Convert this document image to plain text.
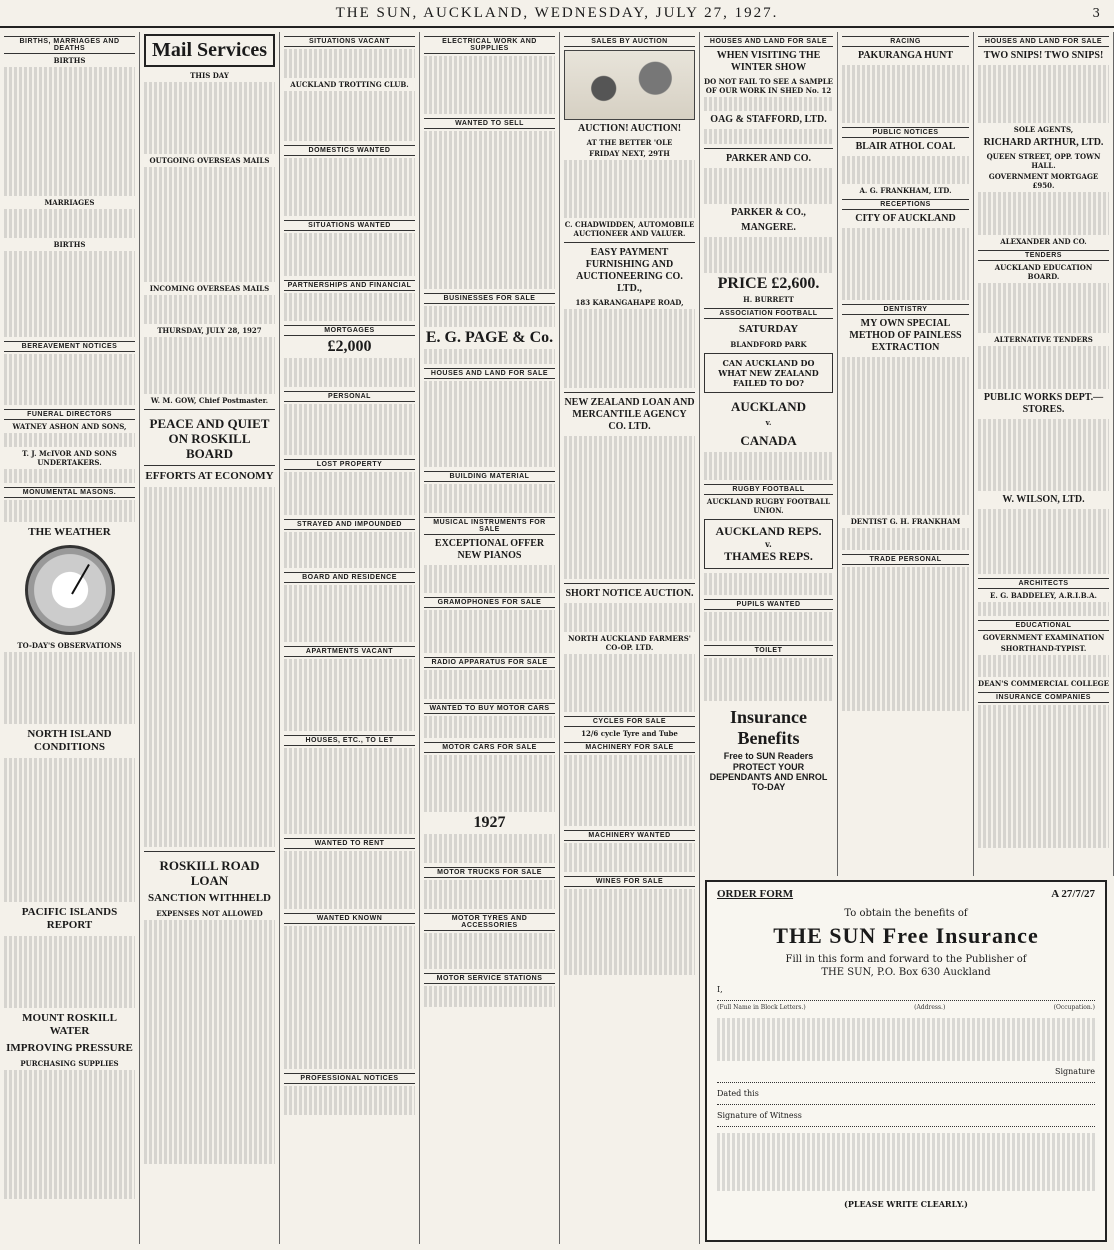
THE SUN, AUCKLAND, WEDNESDAY, JULY 27, 1927.	3
BIRTHS, MARRIAGES AND DEATHS
BIRTHS
MARRIAGES
BIRTHS
BEREAVEMENT NOTICES
FUNERAL DIRECTORS
WATNEY ASHON AND SONS,
T. J. McIVOR AND SONS UNDERTAKERS.
MONUMENTAL MASONS.
THE WEATHER
TO-DAY'S OBSERVATIONS
NORTH ISLAND CONDITIONS
PACIFIC ISLANDS REPORT
MOUNT ROSKILL WATER
IMPROVING PRESSURE
PURCHASING SUPPLIES
Mail Services
THIS DAY
OUTGOING OVERSEAS MAILS
INCOMING OVERSEAS MAILS
THURSDAY, JULY 28, 1927
W. M. GOW, Chief Postmaster.
PEACE AND QUIET ON ROSKILL BOARD
EFFORTS AT ECONOMY
ROSKILL ROAD LOAN
SANCTION WITHHELD
EXPENSES NOT ALLOWED
SITUATIONS VACANT
AUCKLAND TROTTING CLUB.
DOMESTICS WANTED
SITUATIONS WANTED
PARTNERSHIPS AND FINANCIAL
MORTGAGES
£2,000
PERSONAL
LOST PROPERTY
STRAYED AND IMPOUNDED
BOARD AND RESIDENCE
APARTMENTS VACANT
HOUSES, ETC., TO LET
WANTED TO RENT
WANTED KNOWN
PROFESSIONAL NOTICES
ELECTRICAL WORK AND SUPPLIES
WANTED TO SELL
BUSINESSES FOR SALE
E. G. PAGE & Co.
HOUSES AND LAND FOR SALE
BUILDING MATERIAL
MUSICAL INSTRUMENTS FOR SALE
EXCEPTIONAL OFFER NEW PIANOS
GRAMOPHONES FOR SALE
RADIO APPARATUS FOR SALE
WANTED TO BUY MOTOR CARS
MOTOR CARS FOR SALE
1927
MOTOR TRUCKS FOR SALE
MOTOR TYRES AND ACCESSORIES
MOTOR SERVICE STATIONS
SALES BY AUCTION
AUCTION! AUCTION!
AT THE BETTER 'OLE
FRIDAY NEXT, 29TH
C. CHADWIDDEN, AUTOMOBILE AUCTIONEER AND VALUER.
EASY PAYMENT FURNISHING AND AUCTIONEERING CO. LTD.,
183 KARANGAHAPE ROAD,
NEW ZEALAND LOAN AND MERCANTILE AGENCY CO. LTD.
SHORT NOTICE AUCTION.
NORTH AUCKLAND FARMERS' CO-OP. LTD.
CYCLES FOR SALE
12/6 cycle Tyre and Tube
MACHINERY FOR SALE
MACHINERY WANTED
WINES FOR SALE
HOUSES AND LAND FOR SALE
WHEN VISITING THE WINTER SHOW
DO NOT FAIL TO SEE A SAMPLE OF OUR WORK IN SHED No. 12
OAG & STAFFORD, LTD.
PARKER AND CO.
PARKER & CO.,
MANGERE.
PRICE £2,600.
H. BURRETT
ASSOCIATION FOOTBALL
SATURDAY
BLANDFORD PARK
CAN AUCKLAND DO WHAT NEW ZEALAND FAILED TO DO?
AUCKLAND
v.
CANADA
RUGBY FOOTBALL
AUCKLAND RUGBY FOOTBALL UNION.
AUCKLAND REPS.
v.
THAMES REPS.
PUPILS WANTED
TOILET
Insurance Benefits
Free to SUN Readers
PROTECT YOUR DEPENDANTS AND ENROL TO-DAY
RACING
PAKURANGA HUNT
PUBLIC NOTICES
BLAIR ATHOL COAL
A. G. FRANKHAM, LTD.
RECEPTIONS
CITY OF AUCKLAND
DENTISTRY
MY OWN SPECIAL METHOD OF PAINLESS EXTRACTION
DENTIST G. H. FRANKHAM
TRADE PERSONAL
HOUSES AND LAND FOR SALE
TWO SNIPS! TWO SNIPS!
SOLE AGENTS,
RICHARD ARTHUR, LTD.
QUEEN STREET, OPP. TOWN HALL.
GOVERNMENT MORTGAGE £950.
ALEXANDER AND CO.
TENDERS
AUCKLAND EDUCATION BOARD.
ALTERNATIVE TENDERS
PUBLIC WORKS DEPT.—STORES.
W. WILSON, LTD.
ARCHITECTS
E. G. BADDELEY, A.R.I.B.A.
EDUCATIONAL
GOVERNMENT EXAMINATION
SHORTHAND-TYPIST.
DEAN'S COMMERCIAL COLLEGE
INSURANCE COMPANIES
ORDER FORM	A 27/7/27
To obtain the benefits of
THE SUN Free Insurance
Fill in this form and forward to the Publisher of
THE SUN, P.O. Box 630 Auckland
I,
(Full Name in Block Letters.)	(Address.)	(Occupation.)
Signature
Dated this
Signature of Witness
(PLEASE WRITE CLEARLY.)
